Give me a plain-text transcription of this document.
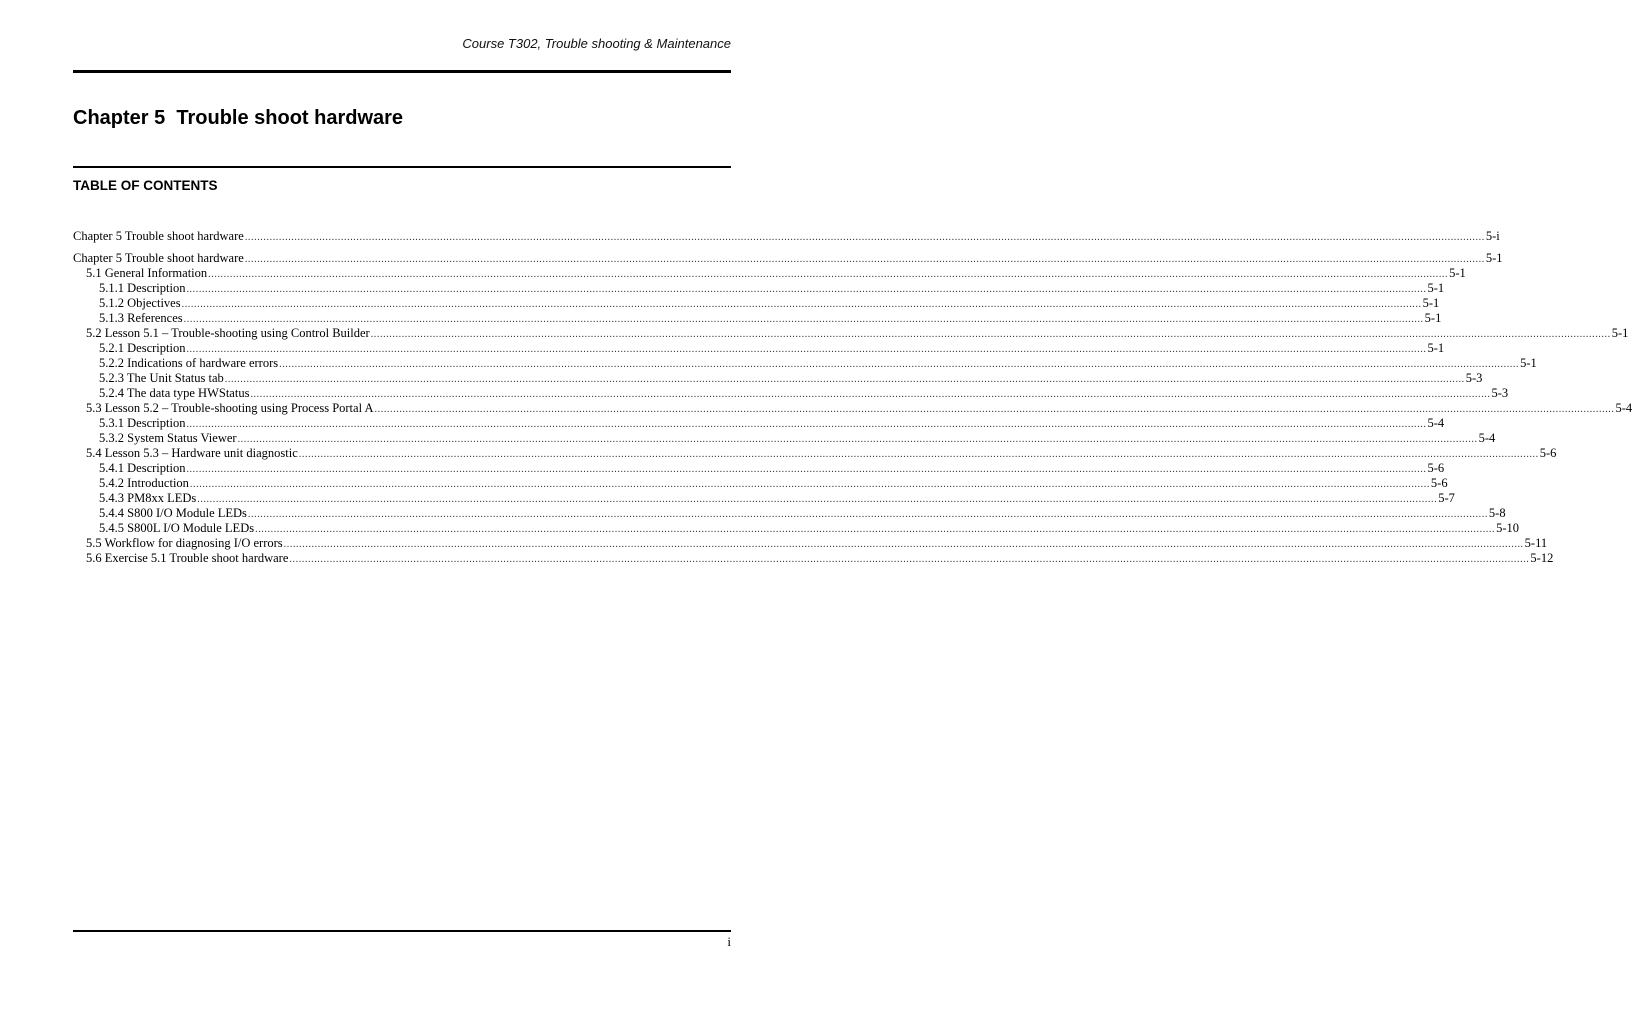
Course T302, Trouble shooting & Maintenance
Chapter 5  Trouble shoot hardware
TABLE OF CONTENTS
Chapter 5 Trouble shoot hardware ................................................................................................................................................................................................................................................................................................................................................................................................................ 5-i
Chapter 5 Trouble shoot hardware ................................................................................................................................................................................................................................................................................................................................................................................................................ 5-1
5.1 General Information ................................................................................................................................................................................................................................................................................................................................................................................................................ 5-1
5.1.1 Description ................................................................................................................................................................................................................................................................................................................................................................................................................ 5-1
5.1.2 Objectives ................................................................................................................................................................................................................................................................................................................................................................................................................ 5-1
5.1.3 References ................................................................................................................................................................................................................................................................................................................................................................................................................ 5-1
5.2 Lesson 5.1 – Trouble-shooting using Control Builder ................................................................................................................................................................................................................................................................................................................................................................................................................ 5-1
5.2.1 Description ................................................................................................................................................................................................................................................................................................................................................................................................................ 5-1
5.2.2 Indications of hardware errors ................................................................................................................................................................................................................................................................................................................................................................................................................ 5-1
5.2.3 The Unit Status tab ................................................................................................................................................................................................................................................................................................................................................................................................................ 5-3
5.2.4 The data type HWStatus ................................................................................................................................................................................................................................................................................................................................................................................................................ 5-3
5.3 Lesson 5.2 – Trouble-shooting using Process Portal A ................................................................................................................................................................................................................................................................................................................................................................................................................ 5-4
5.3.1 Description ................................................................................................................................................................................................................................................................................................................................................................................................................ 5-4
5.3.2 System Status Viewer ................................................................................................................................................................................................................................................................................................................................................................................................................ 5-4
5.4 Lesson 5.3 – Hardware unit diagnostic ................................................................................................................................................................................................................................................................................................................................................................................................................ 5-6
5.4.1 Description ................................................................................................................................................................................................................................................................................................................................................................................................................ 5-6
5.4.2 Introduction ................................................................................................................................................................................................................................................................................................................................................................................................................ 5-6
5.4.3 PM8xx LEDs ................................................................................................................................................................................................................................................................................................................................................................................................................ 5-7
5.4.4 S800 I/O Module LEDs ................................................................................................................................................................................................................................................................................................................................................................................................................ 5-8
5.4.5 S800L I/O Module LEDs ................................................................................................................................................................................................................................................................................................................................................................................................................ 5-10
5.5 Workflow for diagnosing I/O errors ................................................................................................................................................................................................................................................................................................................................................................................................................ 5-11
5.6 Exercise 5.1 Trouble shoot hardware ................................................................................................................................................................................................................................................................................................................................................................................................................ 5-12
i
